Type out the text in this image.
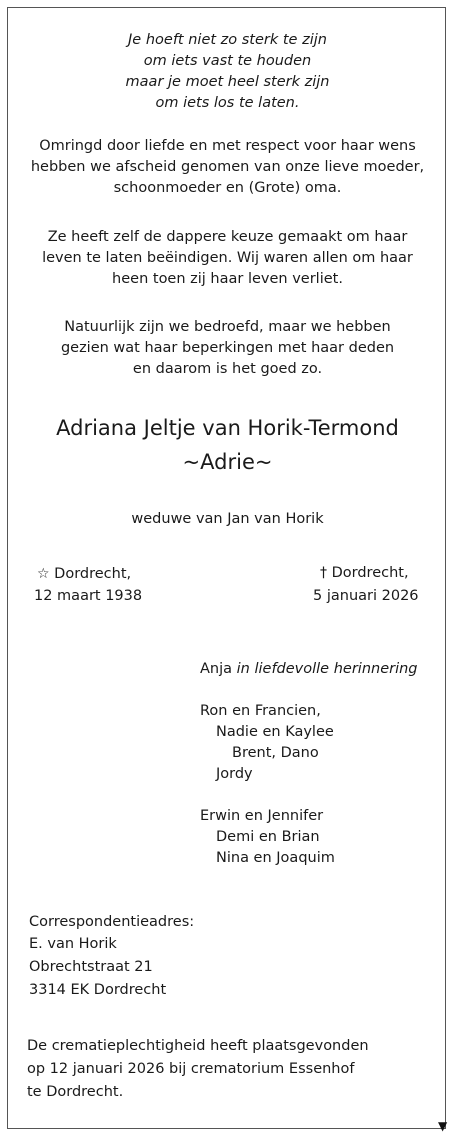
Je hoeft niet zo sterk te zijn
om iets vast te houden
maar je moet heel sterk zijn
om iets los te laten.
Omringd door liefde en met respect voor haar wens
hebben we afscheid genomen van onze lieve moeder,
schoonmoeder en (Grote) oma.
Ze heeft zelf de dappere keuze gemaakt om haar
leven te laten beëindigen. Wij waren allen om haar
heen toen zij haar leven verliet.
Natuurlijk zijn we bedroefd, maar we hebben
gezien wat haar beperkingen met haar deden
en daarom is het goed zo.
Adriana Jeltje van Horik-Termond
~Adrie~
weduwe van Jan van Horik
☆ Dordrecht,
12 maart 1938
† Dordrecht,
5 januari 2026
Anja in liefdevolle herinnering
Ron en Francien,
Nadie en Kaylee
Brent, Dano
Jordy
Erwin en Jennifer
Demi en Brian
Nina en Joaquim
Correspondentieadres:
E. van Horik
Obrechtstraat 21
3314 EK Dordrecht
De crematieplechtigheid heeft plaatsgevonden
op 12 januari 2026 bij crematorium Essenhof
te Dordrecht.
▼
